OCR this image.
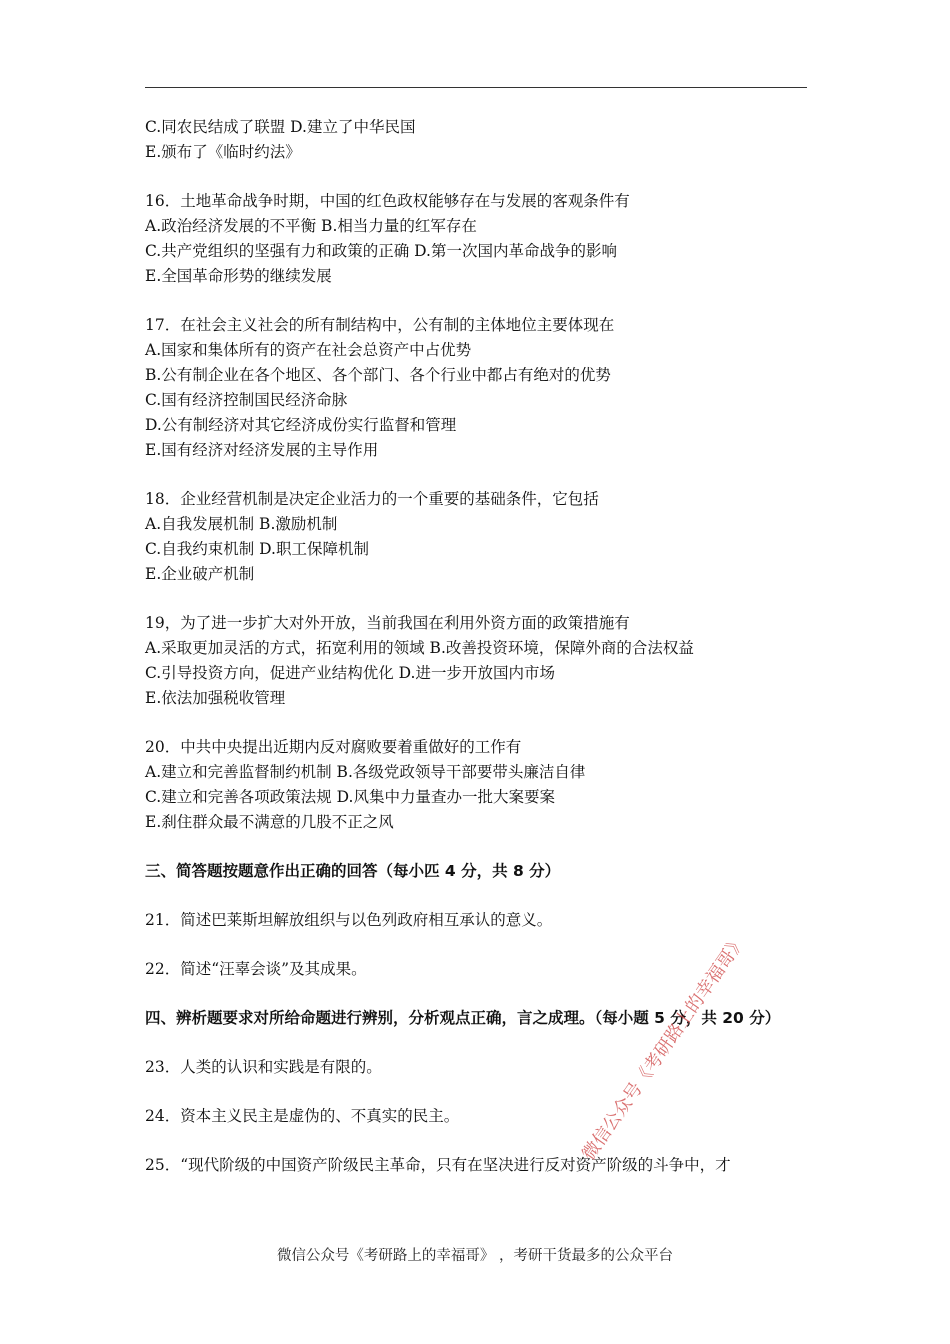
C.同农民结成了联盟 D.建立了中华民国
E.颁布了《临时约法》
16．土地革命战争时期，中国的红色政权能够存在与发展的客观条件有
A.政治经济发展的不平衡 B.相当力量的红军存在
C.共产党组织的坚强有力和政策的正确 D.第一次国内革命战争的影响
E.全国革命形势的继续发展
17．在社会主义社会的所有制结构中，公有制的主体地位主要体现在
A.国家和集体所有的资产在社会总资产中占优势
B.公有制企业在各个地区、各个部门、各个行业中都占有绝对的优势
C.国有经济控制国民经济命脉
D.公有制经济对其它经济成份实行监督和管理
E.国有经济对经济发展的主导作用
18．企业经营机制是决定企业活力的一个重要的基础条件，它包括
A.自我发展机制 B.激励机制
C.自我约束机制 D.职工保障机制
E.企业破产机制
19，为了进一步扩大对外开放，当前我国在利用外资方面的政策措施有
A.采取更加灵活的方式，拓宽利用的领域 B.改善投资环境，保障外商的合法权益
C.引导投资方向，促进产业结构优化 D.进一步开放国内市场
E.依法加强税收管理
20．中共中央提出近期内反对腐败要着重做好的工作有
A.建立和完善监督制约机制 B.各级党政领导干部要带头廉洁自律
C.建立和完善各项政策法规 D.风集中力量查办一批大案要案
E.刹住群众最不满意的几股不正之风
三、简答题按题意作出正确的回答（每小匹 4 分，共 8 分）
21．简述巴莱斯坦解放组织与以色列政府相互承认的意义。
22．简述“汪辜会谈”及其成果。
四、辨析题要求对所给命题进行辨别，分析观点正确，言之成理。（每小题 5 分，共 20 分）
23．人类的认识和实践是有限的。
24．资本主义民主是虚伪的、不真实的民主。
25．“现代阶级的中国资产阶级民主革命，只有在坚决进行反对资产阶级的斗争中，才
微信公众号《考研路上的幸福哥》
微信公众号《考研路上的幸福哥》 ，考研干货最多的公众平台
